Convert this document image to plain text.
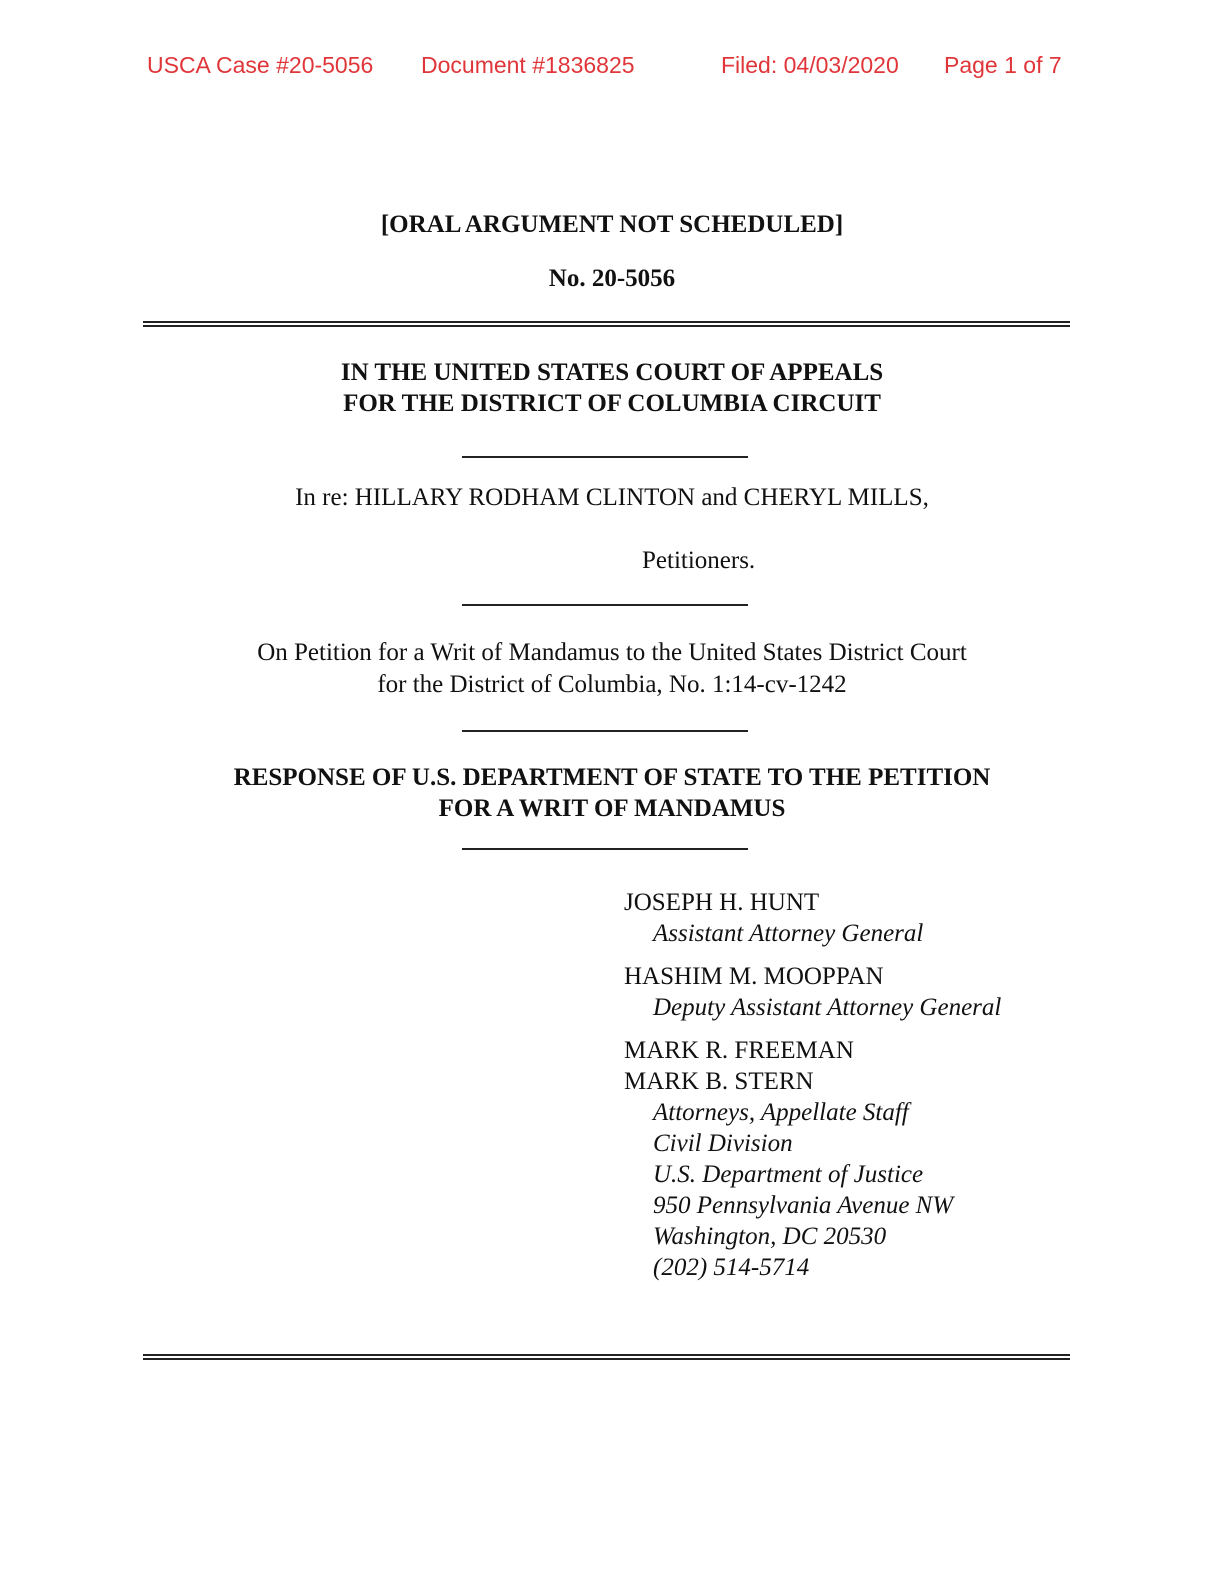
USCA Case #20-5056 Document #1836825	Filed: 04/03/2020 Page 1 of 7
[ORAL ARGUMENT NOT SCHEDULED]
No. 20-5056
IN THE UNITED STATES COURT OF APPEALS
FOR THE DISTRICT OF COLUMBIA CIRCUIT
In re: HILLARY RODHAM CLINTON and CHERYL MILLS,
Petitioners.
On Petition for a Writ of Mandamus to the United States District Court
for the District of Columbia, No. 1:14-cv-1242
RESPONSE OF U.S. DEPARTMENT OF STATE TO THE PETITION
FOR A WRIT OF MANDAMUS
JOSEPH H. HUNT
Assistant Attorney General
HASHIM M. MOOPPAN
Deputy Assistant Attorney General
MARK R. FREEMAN
MARK B. STERN
Attorneys, Appellate Staff
Civil Division
U.S. Department of Justice
950 Pennsylvania Avenue NW
Washington, DC 20530
(202) 514-5714
